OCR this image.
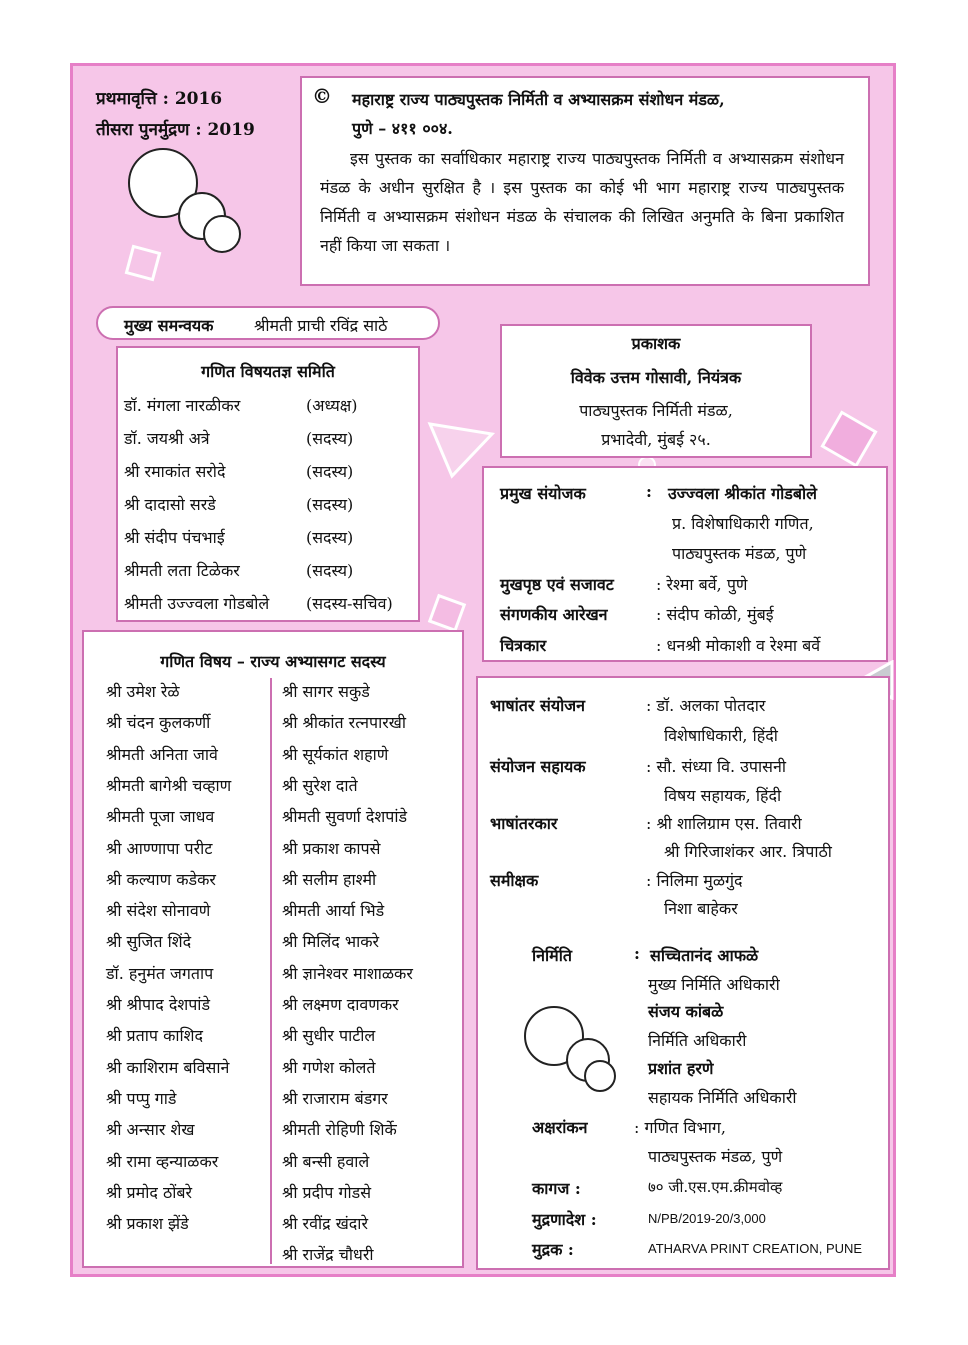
प्रथमावृत्ति : 2016
तीसरा पुनर्मुद्रण : 2019
© महाराष्ट्र राज्य पाठ्यपुस्तक निर्मिती व अभ्यासक्रम संशोधन मंडळ,
पुणे – ४११ ००४.
इस पुस्तक का सर्वाधिकार महाराष्ट्र राज्य पाठ्यपुस्तक निर्मिती व अभ्यासक्रम संशोधन मंडळ के अधीन सुरक्षित है । इस पुस्तक का कोई भी भाग महाराष्ट्र राज्य पाठ्यपुस्तक निर्मिती व अभ्यासक्रम संशोधन मंडळ के संचालक की लिखित अनुमति के बिना प्रकाशित नहीं किया जा सकता ।
मुख्य समन्वयक	श्रीमती प्राची रविंद्र साठे
गणित विषयतज्ञ समिति
डॉ. मंगला नारळीकर	(अध्यक्ष)
डॉ. जयश्री अत्रे	(सदस्य)
श्री रमाकांत सरोदे	(सदस्य)
श्री दादासो सरडे	(सदस्य)
श्री संदीप पंचभाई	(सदस्य)
श्रीमती लता टिळेकर	(सदस्य)
श्रीमती उज्ज्वला गोडबोले (सदस्य-सचिव)
प्रकाशक
विवेक उत्तम गोसावी, नियंत्रक
पाठ्यपुस्तक निर्मिती मंडळ,
प्रभादेवी, मुंबई २५.
प्रमुख संयोजक	: उज्ज्वला श्रीकांत गोडबोले
प्र. विशेषाधिकारी गणित,
पाठ्यपुस्तक मंडळ, पुणे
मुखपृष्ठ एवं सजावट	: रेश्मा बर्वे, पुणे
संगणकीय आरेखन	: संदीप कोळी, मुंबई
चित्रकार	: धनश्री मोकाशी व रेश्मा बर्वे
गणित विषय – राज्य अभ्यासगट सदस्य
श्री उमेश रेळे
श्री चंदन कुलकर्णी
श्रीमती अनिता जावे
श्रीमती बागेश्री चव्हाण
श्रीमती पूजा जाधव
श्री आण्णापा परीट
श्री कल्याण कडेकर
श्री संदेश सोनावणे
श्री सुजित शिंदे
डॉ. हनुमंत जगताप
श्री श्रीपाद देशपांडे
श्री प्रताप काशिद
श्री काशिराम बविसाने
श्री पप्पु गाडे
श्री अन्सार शेख
श्री रामा व्हन्याळकर
श्री प्रमोद ठोंबरे
श्री प्रकाश झेंडे
श्री सागर सकुडे
श्री श्रीकांत रत्नपारखी
श्री सूर्यकांत शहाणे
श्री सुरेश दाते
श्रीमती सुवर्णा देशपांडे
श्री प्रकाश कापसे
श्री सलीम हाश्मी
श्रीमती आर्या भिडे
श्री मिलिंद भाकरे
श्री ज्ञानेश्वर माशाळकर
श्री लक्ष्मण दावणकर
श्री सुधीर पाटील
श्री गणेश कोलते
श्री राजाराम बंडगर
श्रीमती रोहिणी शिर्के
श्री बन्सी हवाले
श्री प्रदीप गोडसे
श्री रवींद्र खंदारे
श्री राजेंद्र चौधरी
भाषांतर संयोजन	: डॉ. अलका पोतदार
विशेषाधिकारी, हिंदी
संयोजन सहायक	: सौ. संध्या वि. उपासनी
विषय सहायक, हिंदी
भाषांतरकार	: श्री शालिग्राम एस. तिवारी
श्री गिरिजाशंकर आर. त्रिपाठी
समीक्षक	: निलिमा मुळगुंद
निशा बाहेकर
निर्मिति	: सच्चितानंद आफळे
मुख्य निर्मिति अधिकारी
संजय कांबळे
निर्मिति अधिकारी
प्रशांत हरणे
सहायक निर्मिति अधिकारी
अक्षरांकन	: गणित विभाग,
पाठ्यपुस्तक मंडळ, पुणे
कागज :	७० जी.एस.एम.क्रीमवोव्ह
मुद्रणादेश :	N/PB/2019-20/3,000
मुद्रक :	ATHARVA PRINT CREATION, PUNE
